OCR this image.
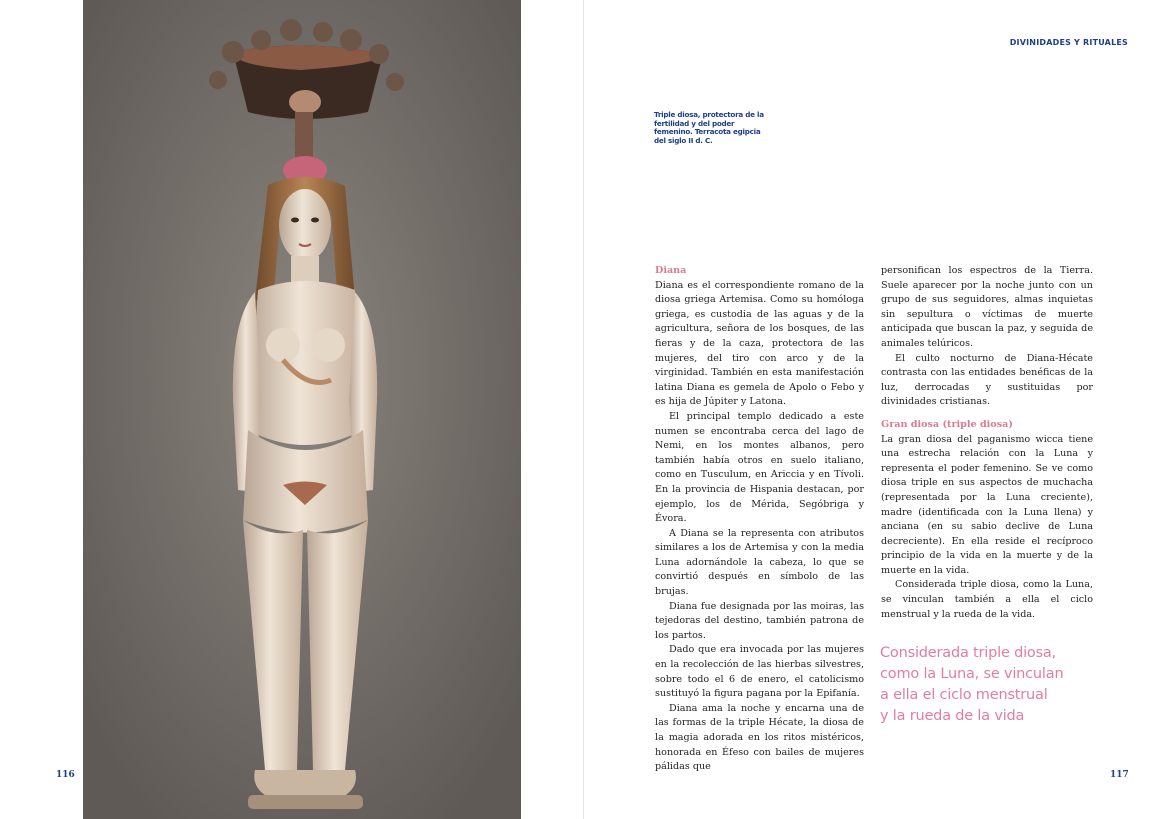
116
DIVINIDADES Y RITUALES
Triple diosa, protectora de la fertilidad y del poder femenino. Terracota egipcia del siglo II d. C.
Diana

Diana es el correspondiente romano de la diosa griega Artemisa. Como su homóloga griega, es custodia de las aguas y de la agricultura, señora de los bosques, de las fieras y de la caza, protectora de las mujeres, del tiro con arco y de la virginidad. También en esta manifestación latina Diana es gemela de Apolo o Febo y es hija de Júpiter y Latona.

El principal templo dedicado a este numen se encontraba cerca del lago de Nemi, en los montes albanos, pero también había otros en suelo italiano, como en Tusculum, en Ariccia y en Tívoli. En la provincia de Hispania destacan, por ejemplo, los de Mérida, Segóbriga y Évora.

A Diana se la representa con atributos similares a los de Artemisa y con la media Luna adornándole la cabeza, lo que se convirtió después en símbolo de las brujas.

Diana fue designada por las moiras, las tejedoras del destino, también patrona de los partos.

Dado que era invocada por las mujeres en la recolección de las hierbas silvestres, sobre todo el 6 de enero, el catolicismo sustituyó la figura pagana por la Epifanía.

Diana ama la noche y encarna una de las formas de la triple Hécate, la diosa de la magia adorada en los ritos mistéricos, honorada en Éfeso con bailes de mujeres pálidas que

personifican los espectros de la Tierra. Suele aparecer por la noche junto con un grupo de sus seguidores, almas inquietas sin sepultura o víctimas de muerte anticipada que buscan la paz, y seguida de animales telúricos.

El culto nocturno de Diana-Hécate contrasta con las entidades benéficas de la luz, derrocadas y sustituidas por divinidades cristianas.

Gran diosa (triple diosa)

La gran diosa del paganismo wicca tiene una estrecha relación con la Luna y representa el poder femenino. Se ve como diosa triple en sus aspectos de muchacha (representada por la Luna creciente), madre (identificada con la Luna llena) y anciana (en su sabio declive de Luna decreciente). En ella reside el recíproco principio de la vida en la muerte y de la muerte en la vida.

Considerada triple diosa, como la Luna, se vinculan también a ella el ciclo menstrual y la rueda de la vida.

Considerada triple diosa,
como la Luna, se vinculan
a ella el ciclo menstrual
y la rueda de la vida
117
